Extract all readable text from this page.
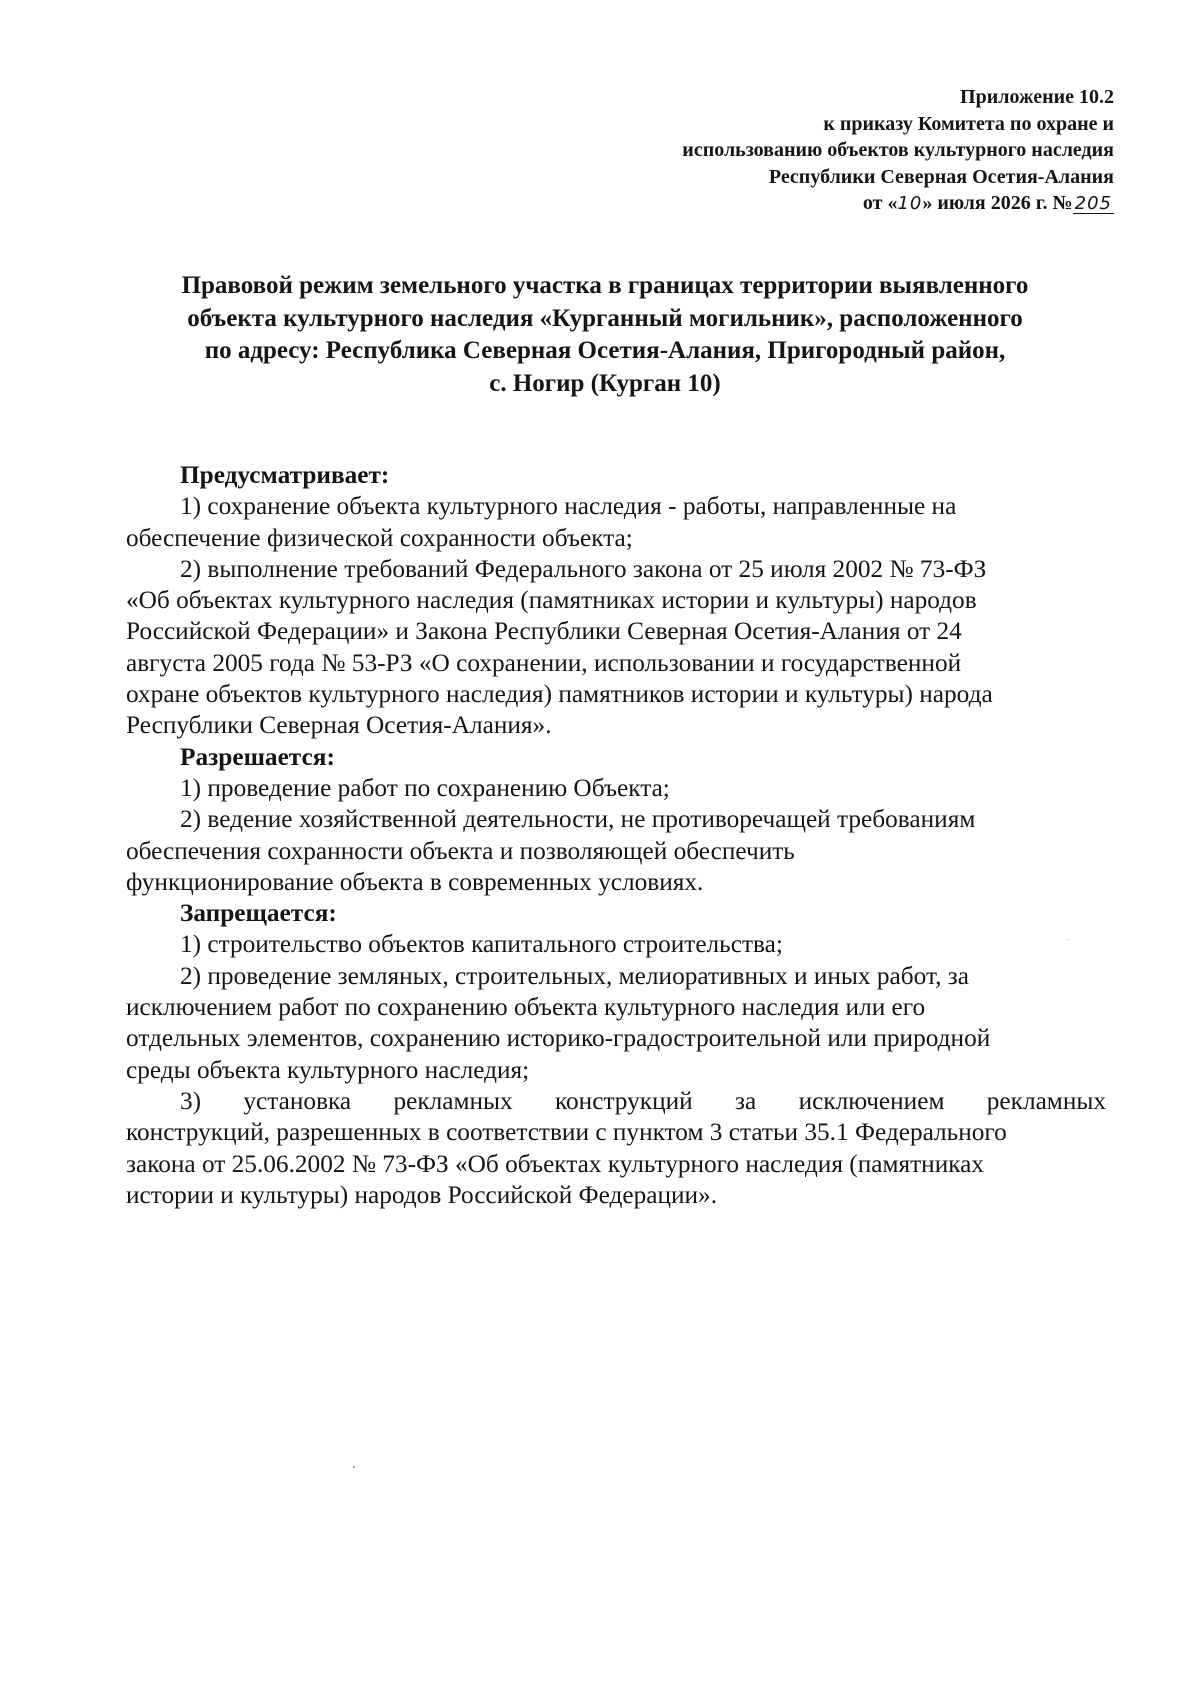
Приложение 10.2
к приказу Комитета по охране и
использованию объектов культурного наследия
Республики Северная Осетия-Алания
от «10» июля 2026 г. № 205
Правовой режим земельного участка в границах территории выявленного
объекта культурного наследия «Курганный могильник», расположенного
по адресу: Республика Северная Осетия-Алания, Пригородный район,
с. Ногир (Курган 10)
Предусматривает:
1) сохранение объекта культурного наследия - работы, направленные на
обеспечение физической сохранности объекта;
2) выполнение требований Федерального закона от 25 июля 2002 № 73-ФЗ
«Об объектах культурного наследия (памятниках истории и культуры) народов
Российской Федерации» и Закона Республики Северная Осетия-Алания от 24
августа 2005 года № 53-РЗ «О сохранении, использовании и государственной
охране объектов культурного наследия) памятников истории и культуры) народа
Республики Северная Осетия-Алания».
Разрешается:
1) проведение работ по сохранению Объекта;
2) ведение хозяйственной деятельности, не противоречащей требованиям
обеспечения сохранности объекта и позволяющей обеспечить
функционирование объекта в современных условиях.
Запрещается:
1) строительство объектов капитального строительства;
2) проведение земляных, строительных, мелиоративных и иных работ, за
исключением работ по сохранению объекта культурного наследия или его
отдельных элементов, сохранению историко-градостроительной или природной
среды объекта культурного наследия;
3) установка рекламных конструкций за исключением рекламных
конструкций, разрешенных в соответствии с пунктом 3 статьи 35.1 Федерального
закона от 25.06.2002 № 73-ФЗ «Об объектах культурного наследия (памятниках
истории и культуры) народов Российской Федерации».
